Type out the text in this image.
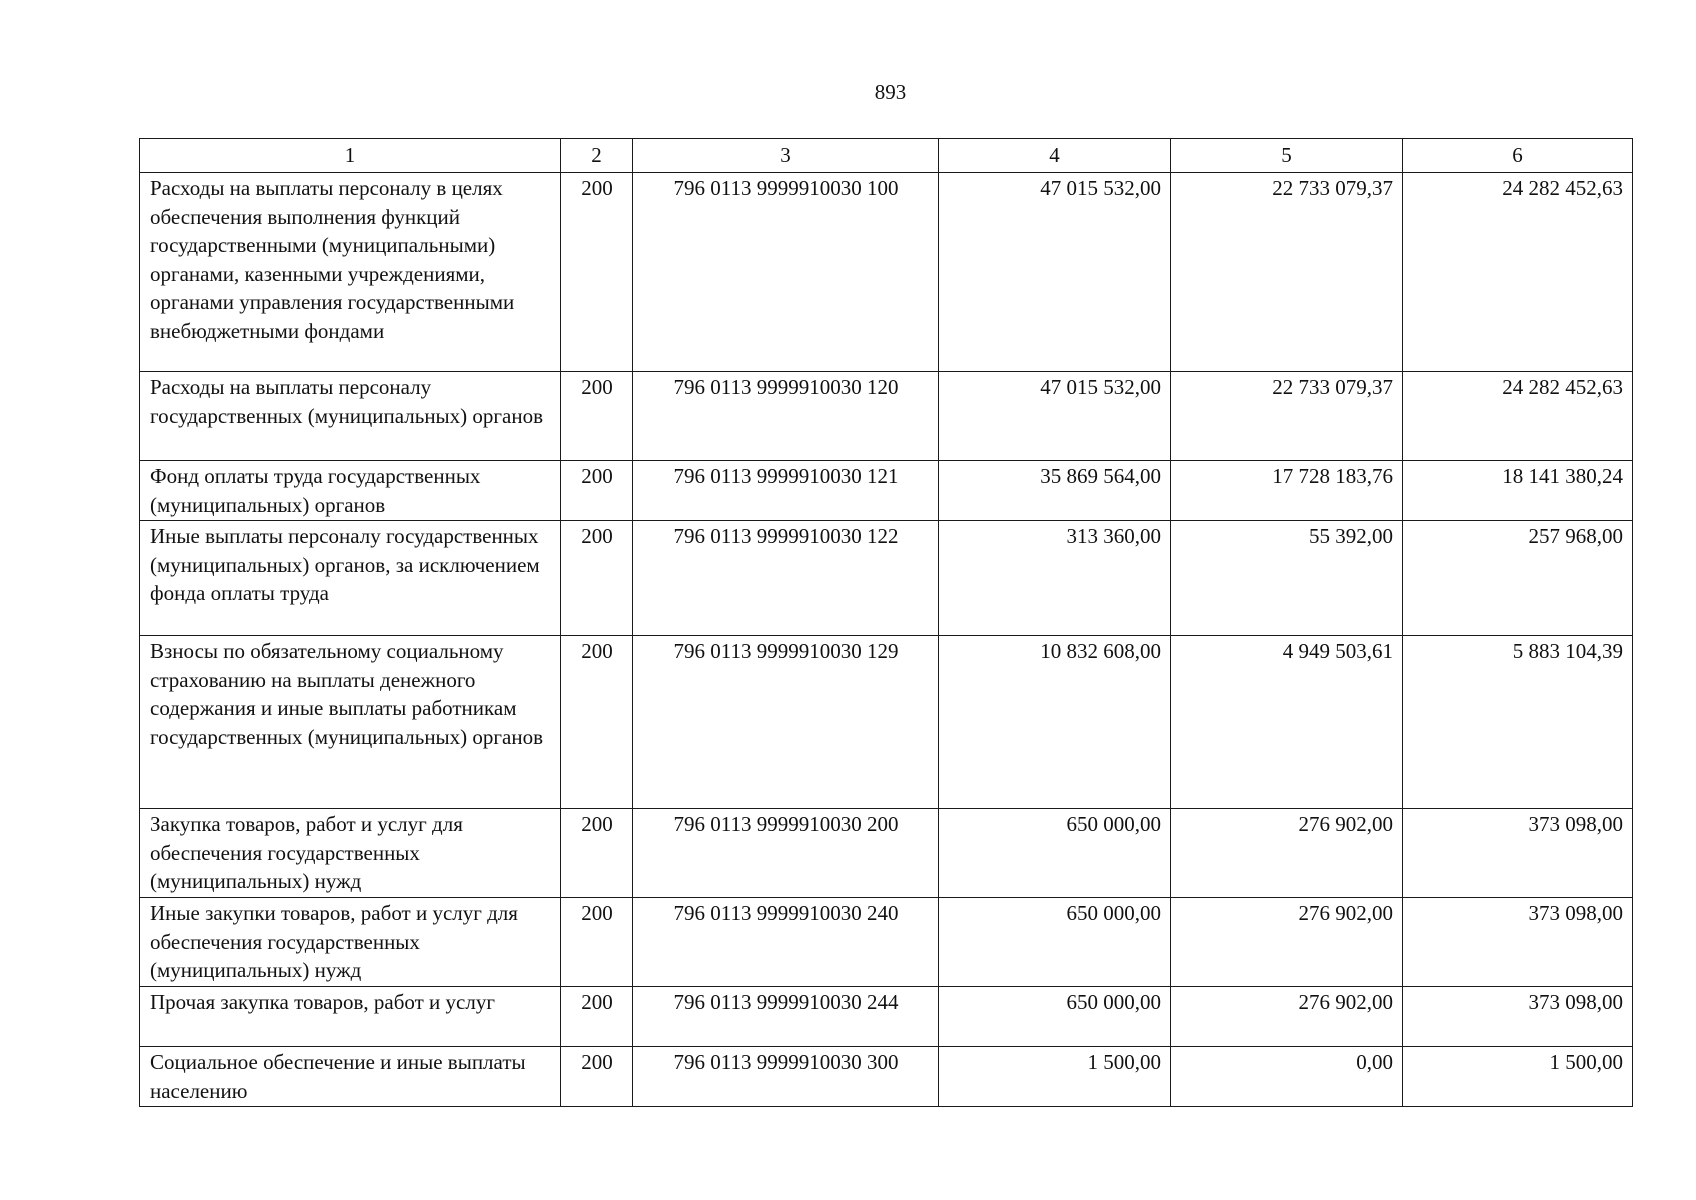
893
1	2	3	4	5	6
Расходы на выплаты персоналу в целях обеспечения выполнения функций государственными (муниципальными) органами, казенными учреждениями, органами управления государственными внебюджетными фондами	200	796 0113 9999910030 100	47 015 532,00	22 733 079,37	24 282 452,63
Расходы на выплаты персоналу государственных (муниципальных) органов	200	796 0113 9999910030 120	47 015 532,00	22 733 079,37	24 282 452,63
Фонд оплаты труда государственных (муниципальных) органов	200	796 0113 9999910030 121	35 869 564,00	17 728 183,76	18 141 380,24
Иные выплаты персоналу государственных (муниципальных) органов, за исключением фонда оплаты труда	200	796 0113 9999910030 122	313 360,00	55 392,00	257 968,00
Взносы по обязательному социальному страхованию на выплаты денежного содержания и иные выплаты работникам государственных (муниципальных) органов	200	796 0113 9999910030 129	10 832 608,00	4 949 503,61	5 883 104,39
Закупка товаров, работ и услуг для обеспечения государственных (муниципальных) нужд	200	796 0113 9999910030 200	650 000,00	276 902,00	373 098,00
Иные закупки товаров, работ и услуг для обеспечения государственных (муниципальных) нужд	200	796 0113 9999910030 240	650 000,00	276 902,00	373 098,00
Прочая закупка товаров, работ и услуг	200	796 0113 9999910030 244	650 000,00	276 902,00	373 098,00
Социальное обеспечение и иные выплаты населению	200	796 0113 9999910030 300	1 500,00	0,00	1 500,00
